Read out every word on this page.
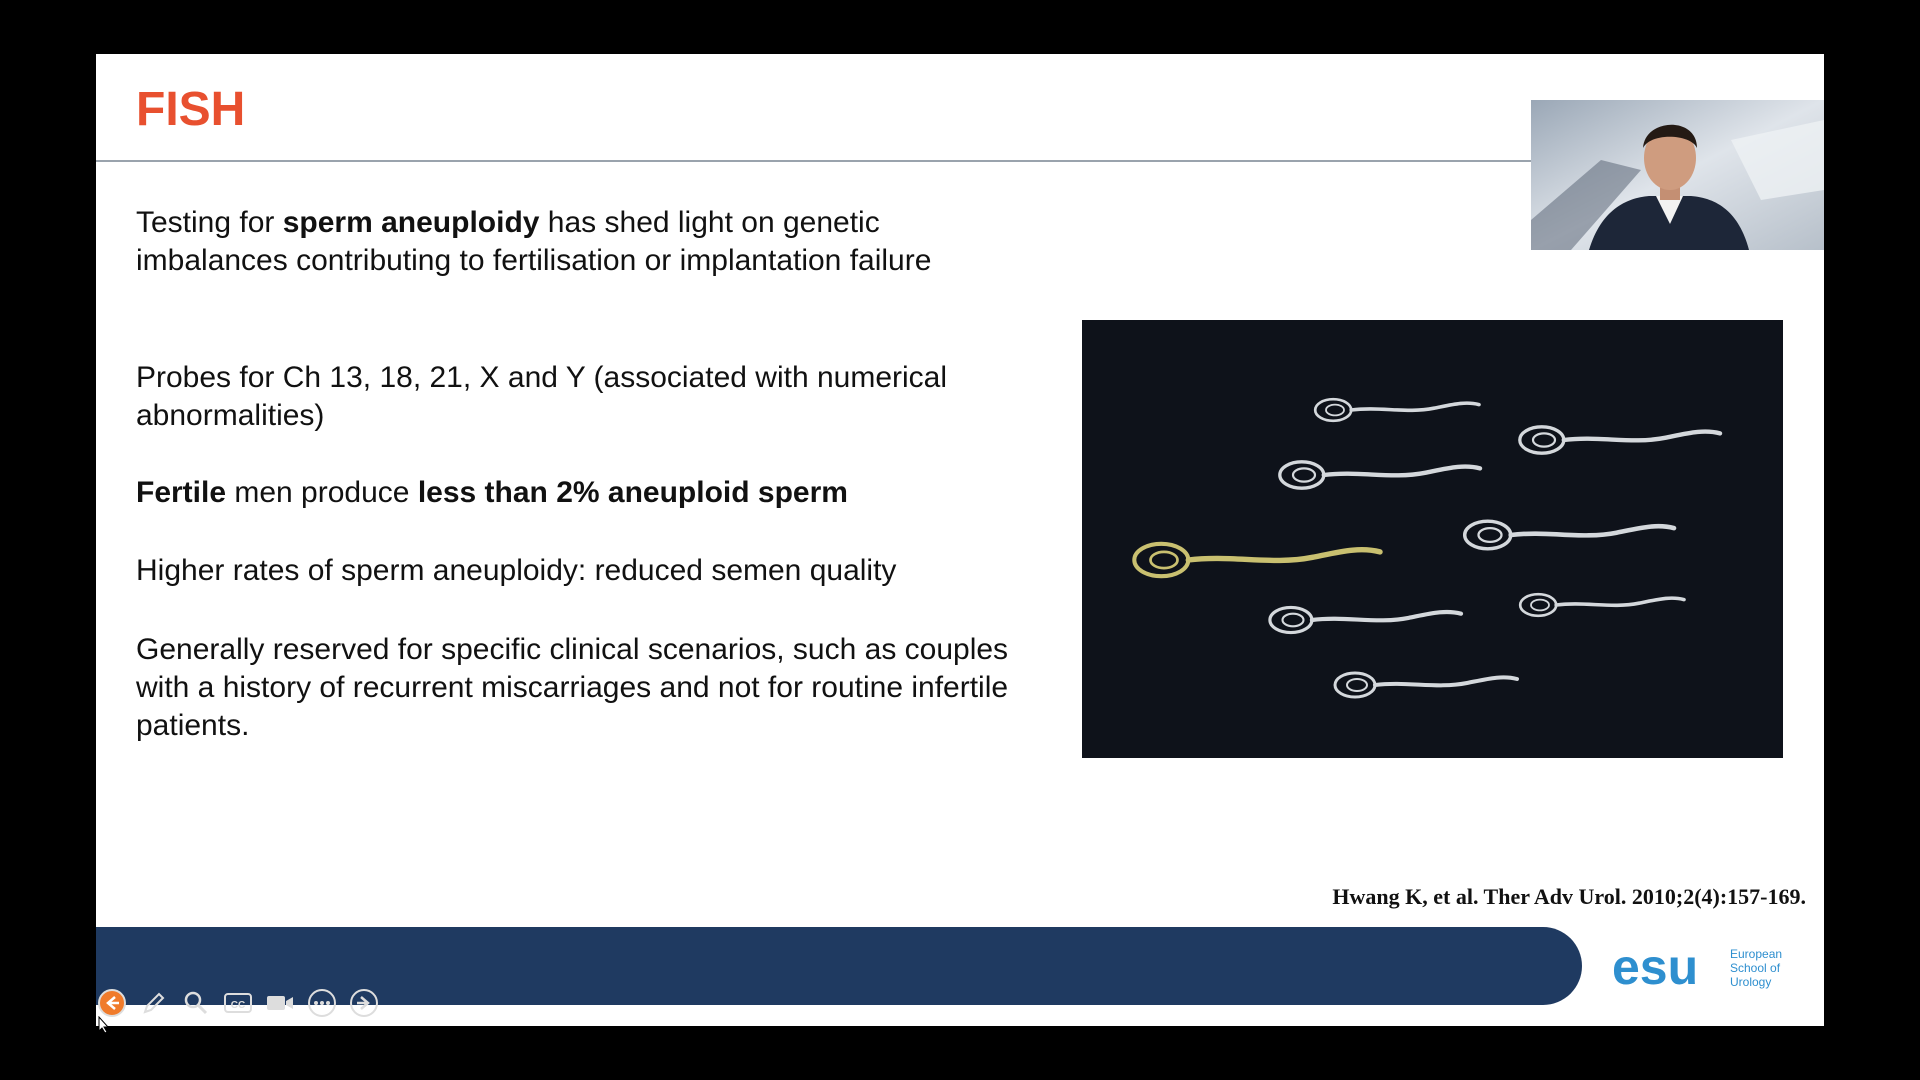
FISH

Testing for sperm aneuploidy has shed light on genetic imbalances contributing to fertilisation or implantation failure

Probes for Ch 13, 18, 21, X and Y (associated with numerical abnormalities)

Fertile men produce less than 2% aneuploid sperm

Higher rates of sperm aneuploidy: reduced semen quality

Generally reserved for specific clinical scenarios, such as couples with a history of recurrent miscarriages and not for routine infertile patients.

Hwang K, et al. Ther Adv Urol. 2010;2(4):157-169.
esu	European
School of
Urology
CC
